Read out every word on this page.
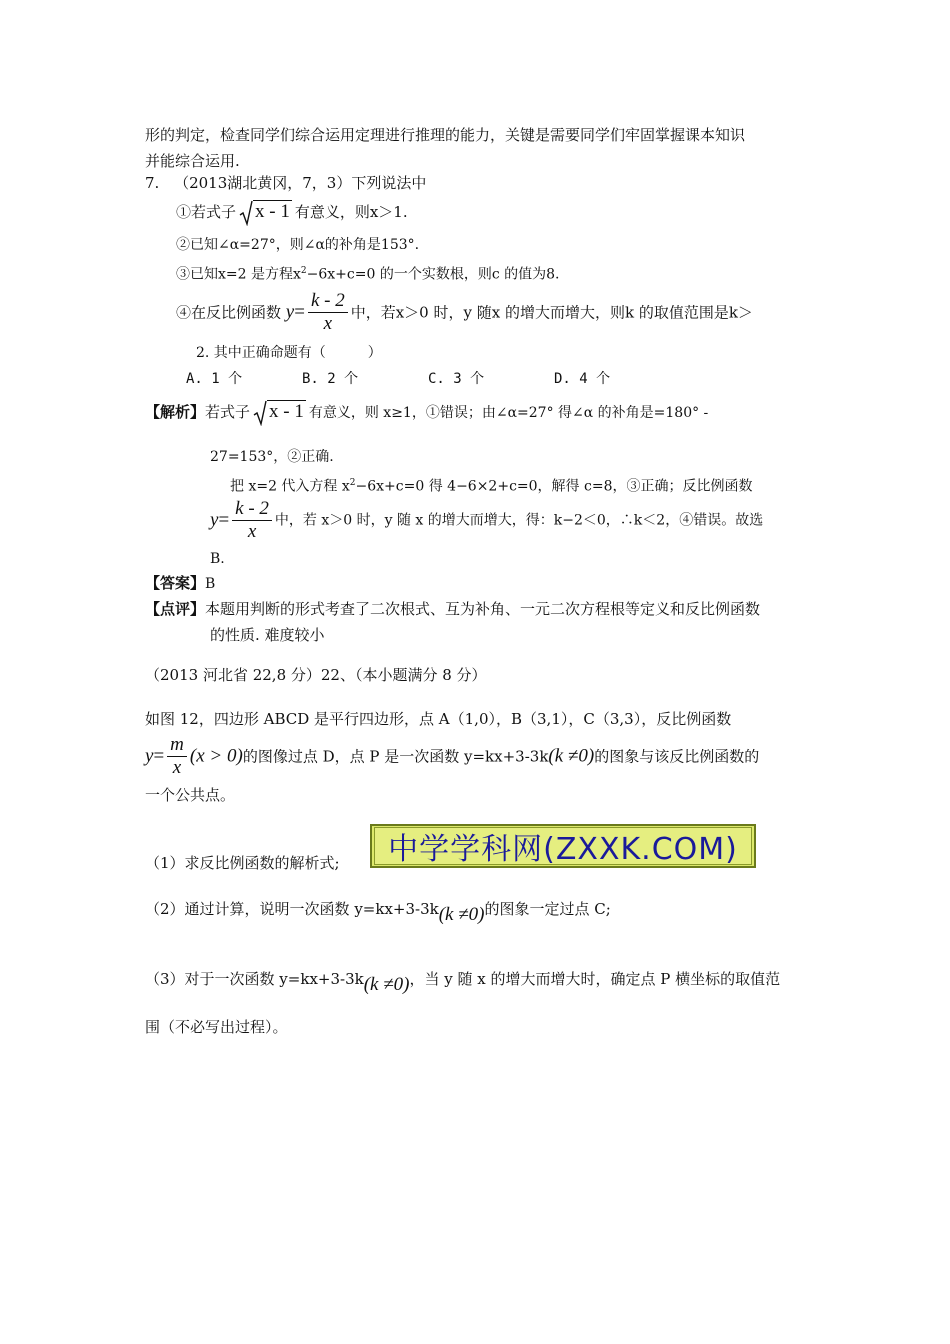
形的判定，检查同学们综合运用定理进行推理的能力，关键是需要同学们牢固掌握课本知识
并能综合运用.
7. （2013湖北黄冈，7，3）下列说法中
①若式子 x - 1 有意义，则x＞1.
②已知∠α=27°，则∠α的补角是153°.
③已知x=2 是方程$x^2-6x+c=0$ 的一个实数根，则c 的值为8.
④在反比例函数 $y= \frac{k - 2}{x}$ 中，若x＞0 时，y 随x 的增大而增大，则k 的取值范围是k＞
2. 其中正确命题有（　　　）
A. 1 个	B. 2 个	C. 3 个	D. 4 个
【解析】若式子 x - 1 有意义，则 x≥1，①错误；由∠α=27° 得∠α 的补角是=180° -
27=153°，②正确.
把 x=2 代入方程 $x^2-6x+c=0$ 得 4−6×2+c=0，解得 c=8，③正确；反比例函数
$y= \frac{k - 2}{x}$ 中，若 x＞0 时，y 随 x 的增大而增大，得：k−2＜0，∴k＜2，④错误。故选
B.
【答案】B
【点评】本题用判断的形式考查了二次根式、互为补角、一元二次方程根等定义和反比例函数
的性质. 难度较小
（2013 河北省 22,8 分）22、（本小题满分 8 分）
如图 12，四边形 ABCD 是平行四边形，点 A（1,0），B（3,1），C（3,3），反比例函数
$y= \frac{m}{x} (x > 0)$的图像过点 D，点 P 是一次函数 y=kx+3-3k(k ≠0)的图象与该反比例函数的
一个公共点。
（1）求反比例函数的解析式; 中学学科网(ZXXK.COM)
（2）通过计算，说明一次函数 y=kx+3-3k(k ≠0)的图象一定过点 C;
（3）对于一次函数 y=kx+3-3k(k ≠0)，当 y 随 x 的增大而增大时，确定点 P 横坐标的取值范
围（不必写出过程）。
